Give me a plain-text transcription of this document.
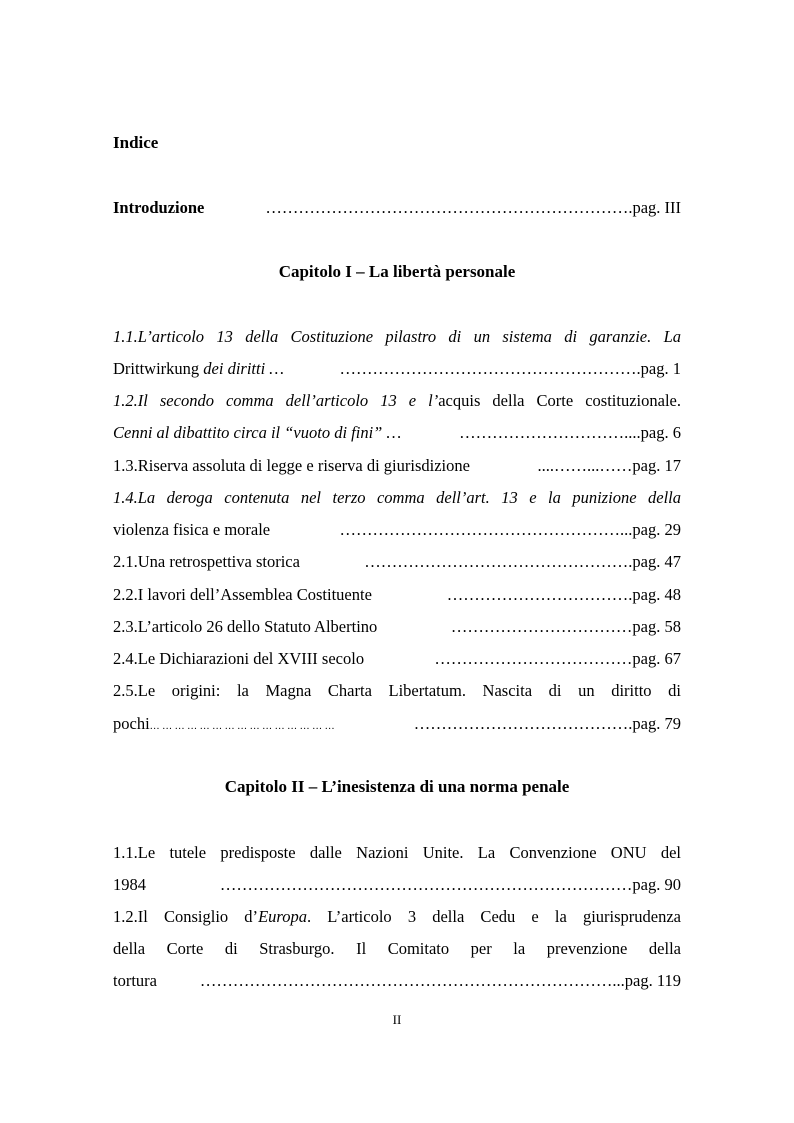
Indice
Introduzione	………………………………………………………….pag. III
Capitolo I – La libertà personale
1.1.L’articolo 13 della Costituzione pilastro di un sistema di garanzie. La
Drittwirkung dei diritti …	……………………………………………….pag. 1
1.2.Il secondo comma dell’articolo 13 e l’acquis della Corte costituzionale.
Cenni al dibattito circa il “vuoto di fini” …	…………………………....pag. 6
1.3.Riserva assoluta di legge e riserva di giurisdizione	....……...……pag. 17
1.4.La deroga contenuta nel terzo comma dell’art. 13 e la punizione della
violenza fisica e morale	……………………………………………...pag. 29
2.1.Una retrospettiva storica	………………………………………….pag. 47
2.2.I lavori dell’Assemblea Costituente	…………………………….pag. 48
2.3.L’articolo 26 dello Statuto Albertino	……………………………pag. 58
2.4.Le Dichiarazioni del XVIII secolo	………………………………pag. 67
2.5.Le origini: la Magna Charta Libertatum. Nascita di un diritto di
pochi… … … … … … … … … … … … … … …	………………………………….pag. 79
Capitolo II – L’inesistenza di una norma penale
1.1.Le tutele predisposte dalle Nazioni Unite. La Convenzione ONU del
1984	…………………………………………………………………pag. 90
1.2.Il Consiglio d’Europa. L’articolo 3 della Cedu e la giurisprudenza
della Corte di Strasburgo. Il Comitato per la prevenzione della
tortura	…………………………………………………………………...pag. 119
II
